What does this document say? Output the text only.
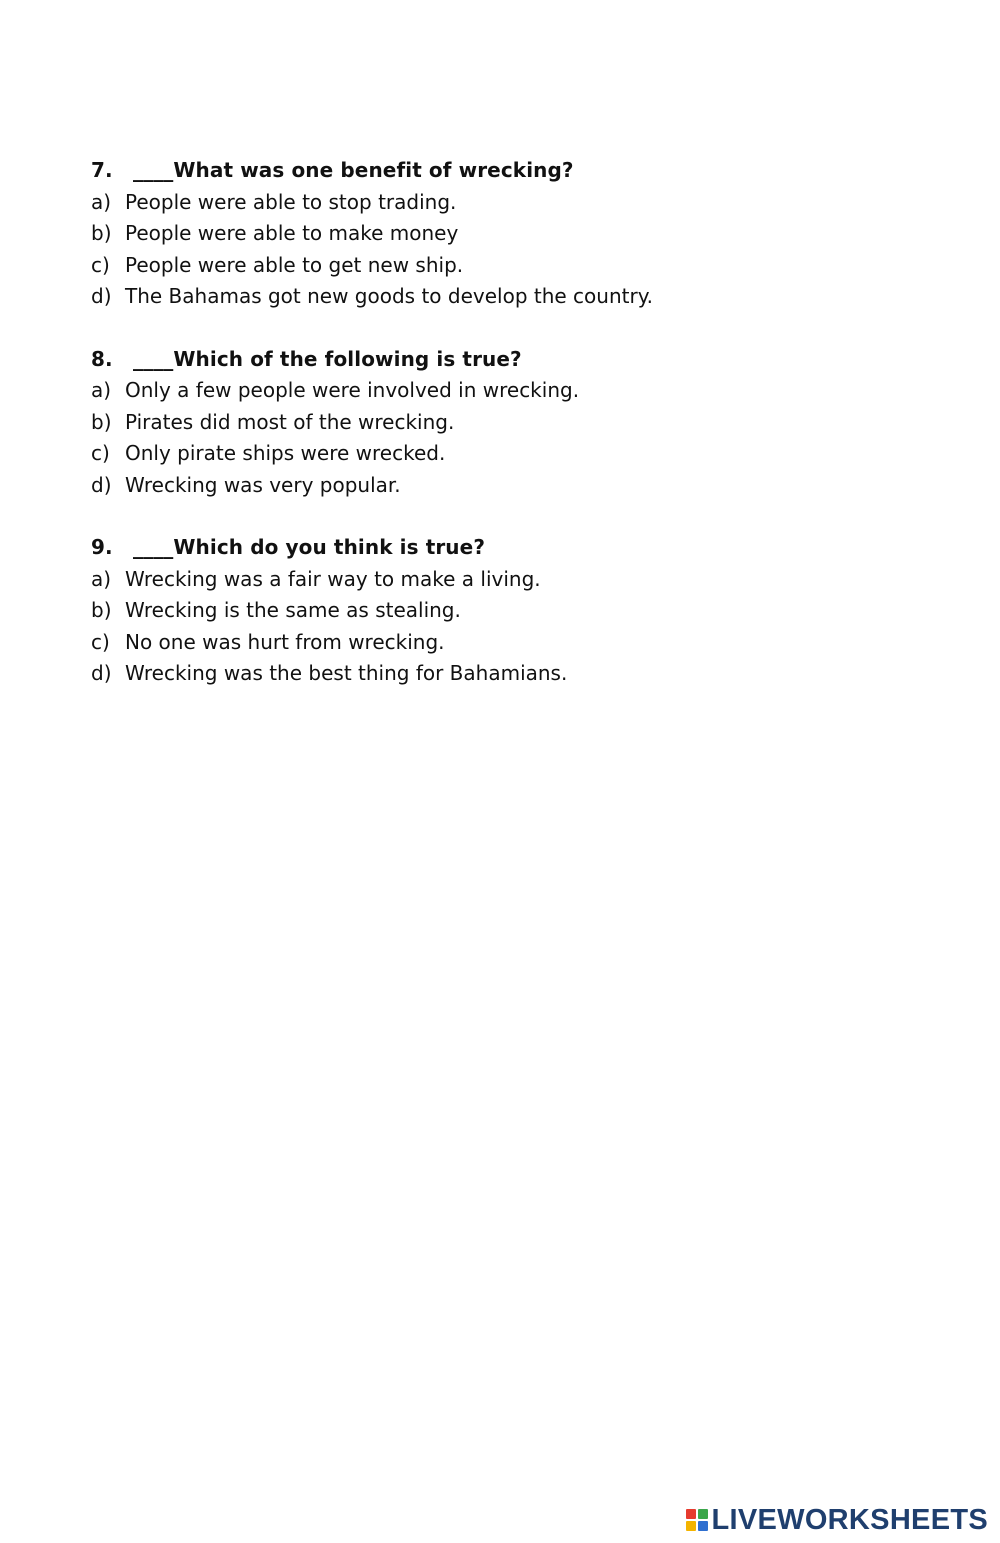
7. ____What was one benefit of wrecking?
a) People were able to stop trading.
b) People were able to make money
c) People were able to get new ship.
d) The Bahamas got new goods to develop the country.
8. ____Which of the following is true?
a) Only a few people were involved in wrecking.
b) Pirates did most of the wrecking.
c) Only pirate ships were wrecked.
d) Wrecking was very popular.
9. ____Which do you think is true?
a) Wrecking was a fair way to make a living.
b) Wrecking is the same as stealing.
c) No one was hurt from wrecking.
d) Wrecking was the best thing for Bahamians.
LIVEWORKSHEETS
